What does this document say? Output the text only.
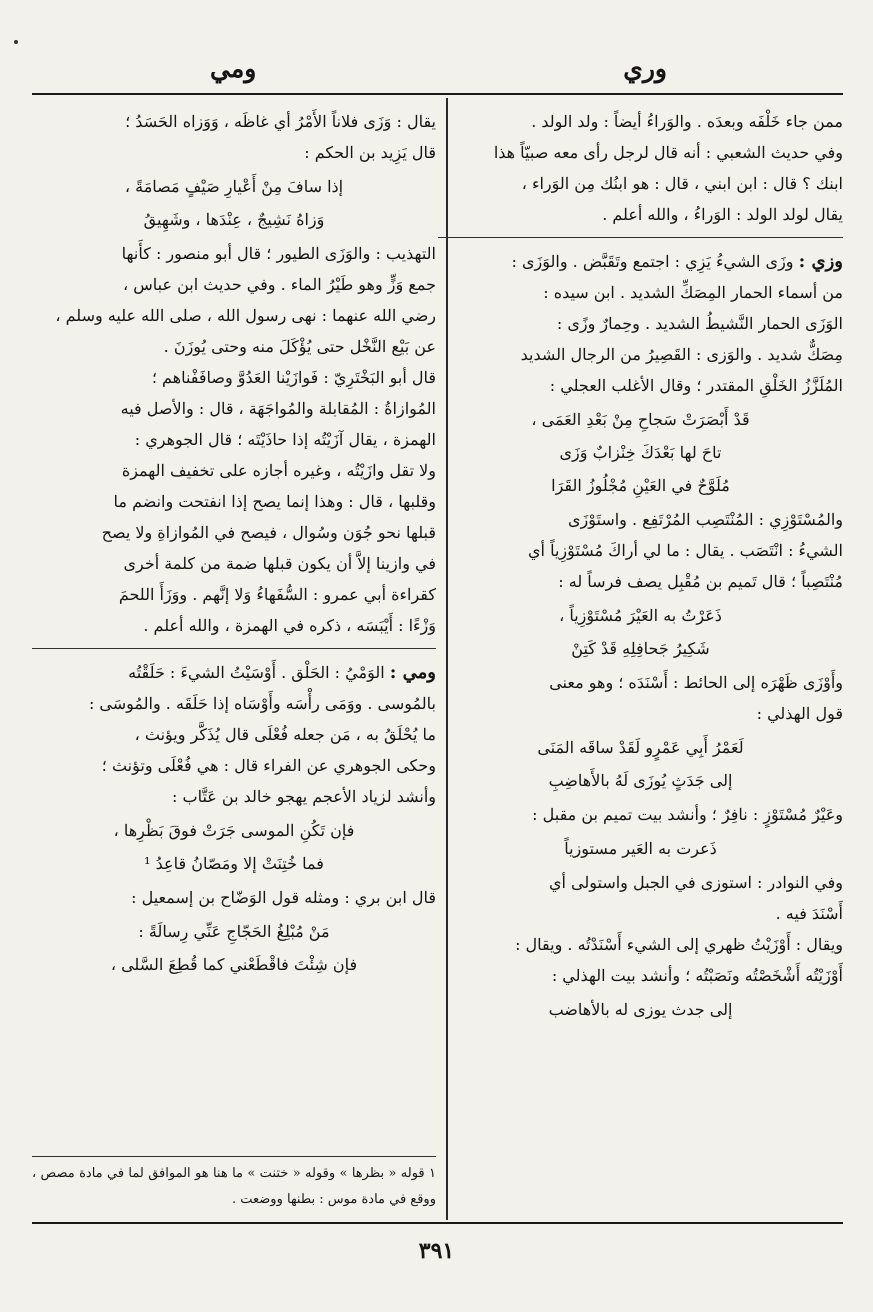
وري
ومي

ممن جاء خَلْفَه وبعدَه . والوَراءُ أيضاً : ولد الولد .

وفي حديث الشعبي : أنه قال لرجل رأى معه صبيّاً هذا

ابنك ؟ قال : ابن ابني ، قال : هو ابنُك مِن الوَراء ،

يقال لولد الولد : الوَراءُ ، والله أعلم .

وزي : وزَى الشيءُ يَزِي : اجتمع وتَقَبَّض . والوَزَى :

من أسماء الحمار المِصَكِّ الشديد . ابن سيده :

الوَزَى الحمار النَّشيطُ الشديد . وحِمارٌ وزًى :

مِصَكٌّ شديد . والوَزى : القَصِيرُ من الرجال الشديد

المُلَزَّزُ الخَلْقِ المقتدر ؛ وقال الأغلب العجلي :

قَدْ أَبْصَرَتْ سَجاحِ مِنْ بَعْدِ العَمَى ،
تاحَ لها بَعْدَكَ خِنْزابٌ وَزَى
مُلَوَّحٌ في العَيْنِ مُجْلُوزُ القَرَا

والمُسْتَوْزِي : المُنْتَصِب المُرْتَفِع . واستَوْزَى

الشيءُ : انْتَصَب . يقال : ما لي أراكَ مُسْتَوْزِياً أي

مُنْتَصِباً ؛ قال تَميم بن مُقْبِل يصف فرساً له :

ذَعَرْتُ به العَيْرَ مُسْتَوْزِياً ،
شَكِيرُ جَحافِلِهِ قَدْ كَتِنْ

وأَوْزَى ظَهْرَه إلى الحائط : أَسْنَدَه ؛ وهو معنى

قول الهذلي :

لَعَمْرُ أَبِي عَمْرٍو لَقَدْ ساقَه المَنَى
إلى جَدَثٍ يُوزَى لَهُ بالأَهاضِبِ

وعَيْرٌ مُسْتَوْزٍ : نافِرٌ ؛ وأنشد بيت تميم بن مقبل :

ذَعرت به العَير مستوزياً

وفي النوادر : استوزى في الجبل واستولى أي

أَسْنَدَ فيه .

ويقال : أَوْزَيْتُ ظهري إلى الشيء أَسْنَدْتُه . ويقال :

أَوْزَيْتُه أَشْخَصْتُه ونَصَبْتُه ؛ وأنشد بيت الهذلي :

إلى جدث يوزى له بالأهاضب

يقال : وَزَى فلاناً الأَمْرُ أي غاظَه ، وَوَزاه الحَسَدُ ؛

قال يَزِيد بن الحكم :

إذا سافَ مِنْ أَعْيارِ صَيْفٍ مَصامَةً ،
وَزاهُ نَشِيجٌ ، عِنْدَها ، وشَهِيقُ

التهذيب : والوَزَى الطيور ؛ قال أبو منصور : كأَنها

جمع وَزٍّ وهو طَيْرُ الماء . وفي حديث ابن عباس ،

رضي الله عنهما : نهى رسول الله ، صلى الله عليه وسلم ،

عن بَيْع النَّخْل حتى يُؤْكَلَ منه وحتى يُوزَنَ .

قال أبو البَخْتَرِيّ : فَوازَيْنا العَدُوَّ وصافَفْناهم ؛

المُوازاةُ : المُقابلة والمُواجَهَة ، قال : والأصل فيه

الهمزة ، يقال آزَيْتُه إذا حاذَيْتَه ؛ قال الجوهري :

ولا تقل وازَيْتُه ، وغيره أجازه على تخفيف الهمزة

وقلبها ، قال : وهذا إنما يصح إذا انفتحت وانضم ما

قبلها نحو جُوَن وسُوال ، فيصح في المُوازاةِ ولا يصح

في وازينا إلاَّ أن يكون قبلها ضمة من كلمة أخرى

كقراءة أبي عمرو : السُّفَهاءُ وَلا إنَّهم . ووَزَأَ اللحمَ

وَزْءًا : أَيْبَسَه ، ذكره في الهمزة ، والله أعلم .

ومي : الوَمْيُ : الحَلْق . أَوْسَيْتُ الشيءَ : حَلَقْتُه

بالمُوسى . ووَمَى رأْسَه وأَوْسَاه إذا حَلَقَه . والمُوسَى :

ما يُحْلَقُ به ، مَن جعله فُعْلَى قال يُذَكَّر ويؤنث ،

وحكى الجوهري عن الفراء قال : هي فُعْلَى وتؤنث ؛

وأنشد لزياد الأعجم يهجو خالد بن عَتَّاب :

فإن تَكُنِ الموسى جَرَتْ فوقَ بَظْرِها ،
فما خُتِنَتْ إلا ومَصّانُ قاعِدُ ¹

قال ابن بري : ومثله قول الوَضّاح بن إسمعيل :

مَنْ مُبْلِغُ الحَجّاجِ عَنِّي رِسالَةً :
فإن شِئْتَ فاقْطَعْني كما قُطِعَ السَّلى ،
١ قوله « بظرها » وقوله « ختنت » ما هنا هو الموافق لما في مادة مصص ، ووقع في مادة موس : بطنها ووضعت .
٣٩١
